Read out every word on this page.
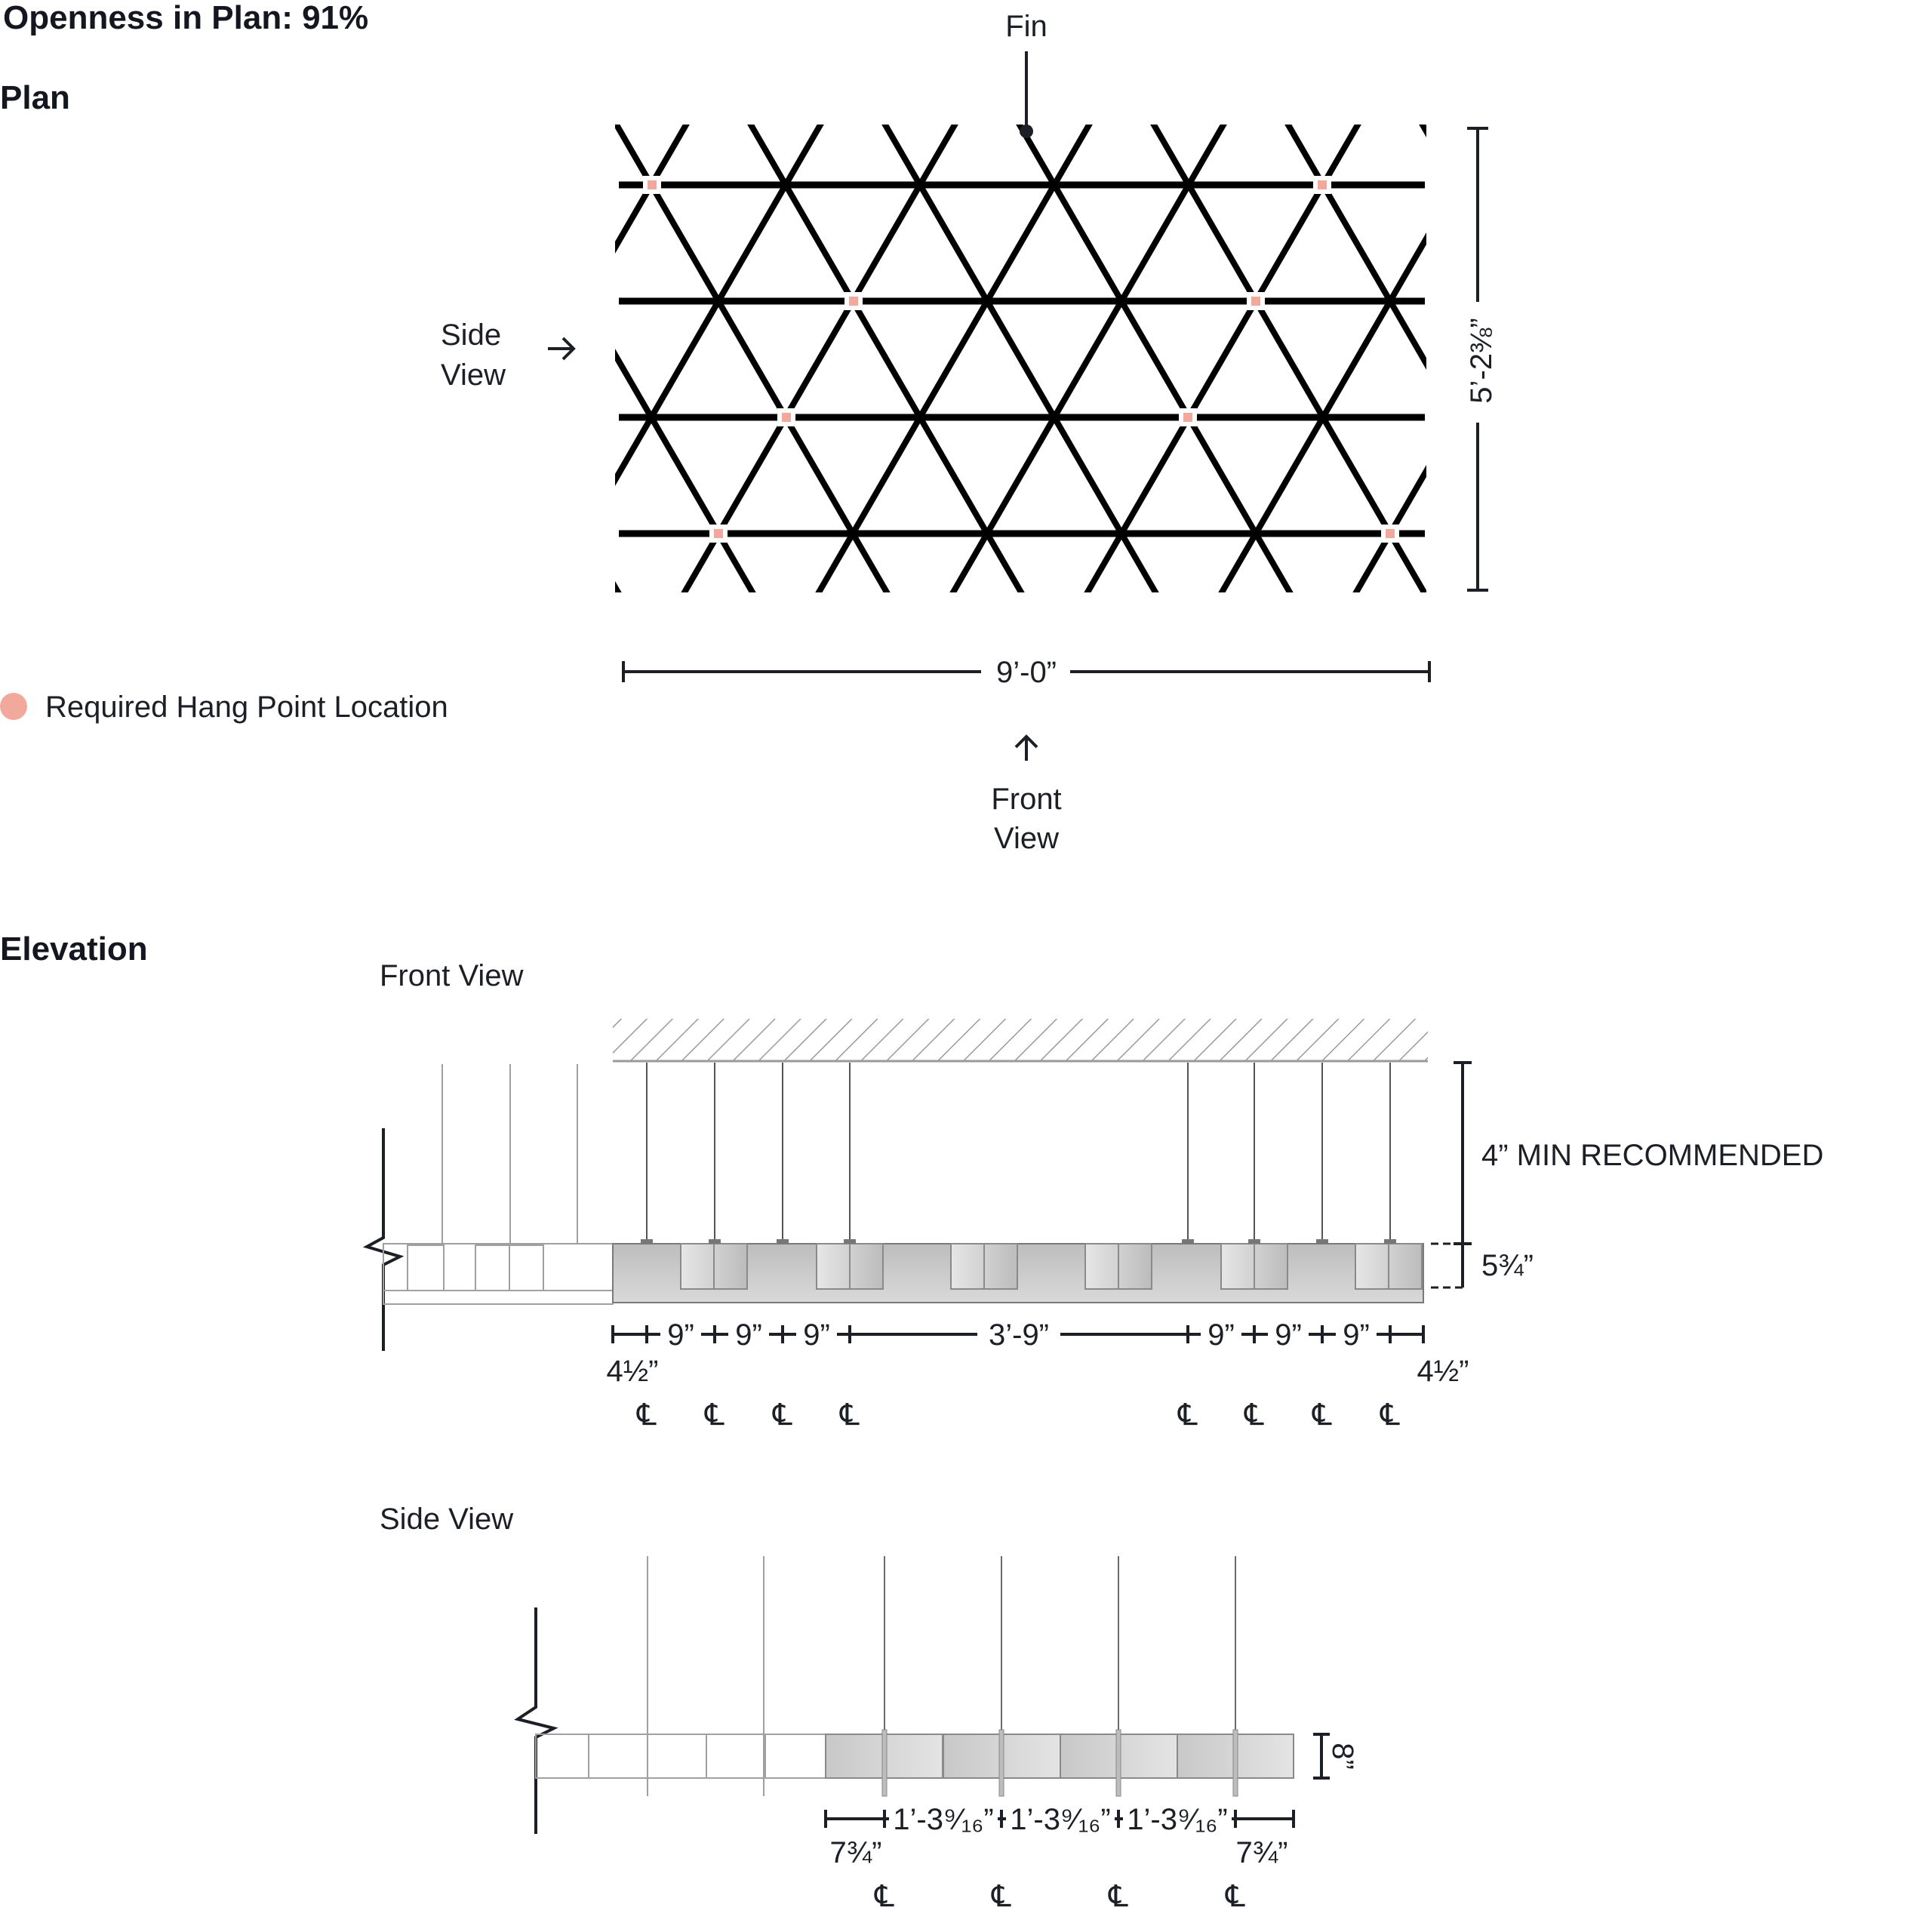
Openness in Plan: 91%
Plan
Fin
Side
View	5’-2⅜”
9’-0”
Front
View
Required Hang Point Location
Elevation
Front View
4” MIN RECOMMENDED
5¾”
9” 9” 9”	3’-9”	9” 9” 9”
4½”	4½”
℄ ℄ ℄ ℄	℄ ℄ ℄ ℄
Side View
8”
1’-3⁹⁄₁₆” 1’-3⁹⁄₁₆” 1’-3⁹⁄₁₆”
7¾”	7¾”
℄	℄	℄	℄
